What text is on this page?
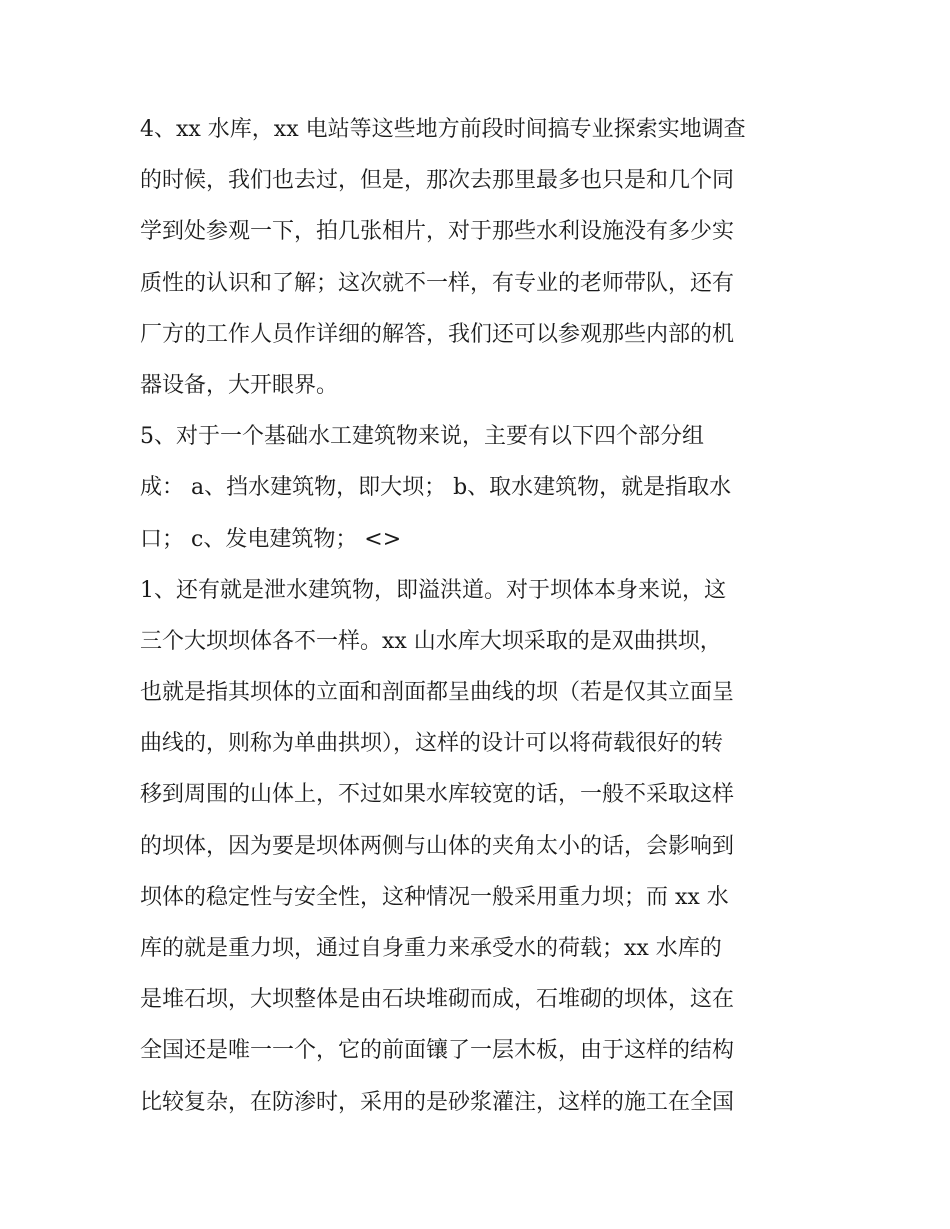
4、xx 水库，xx 电站等这些地方前段时间搞专业探索实地调查
的时候，我们也去过，但是，那次去那里最多也只是和几个同
学到处参观一下，拍几张相片，对于那些水利设施没有多少实
质性的认识和了解；这次就不一样，有专业的老师带队，还有
厂方的工作人员作详细的解答，我们还可以参观那些内部的机
器设备，大开眼界。
5、对于一个基础水工建筑物来说，主要有以下四个部分组
成： a、挡水建筑物，即大坝； b、取水建筑物，就是指取水
口； c、发电建筑物； <>
1、还有就是泄水建筑物，即溢洪道。对于坝体本身来说，这
三个大坝坝体各不一样。xx 山水库大坝采取的是双曲拱坝，
也就是指其坝体的立面和剖面都呈曲线的坝（若是仅其立面呈
曲线的，则称为单曲拱坝），这样的设计可以将荷载很好的转
移到周围的山体上，不过如果水库较宽的话，一般不采取这样
的坝体，因为要是坝体两侧与山体的夹角太小的话，会影响到
坝体的稳定性与安全性，这种情况一般采用重力坝；而 xx 水
库的就是重力坝，通过自身重力来承受水的荷载；xx 水库的
是堆石坝，大坝整体是由石块堆砌而成，石堆砌的坝体，这在
全国还是唯一一个，它的前面镶了一层木板，由于这样的结构
比较复杂，在防渗时，采用的是砂浆灌注，这样的施工在全国
